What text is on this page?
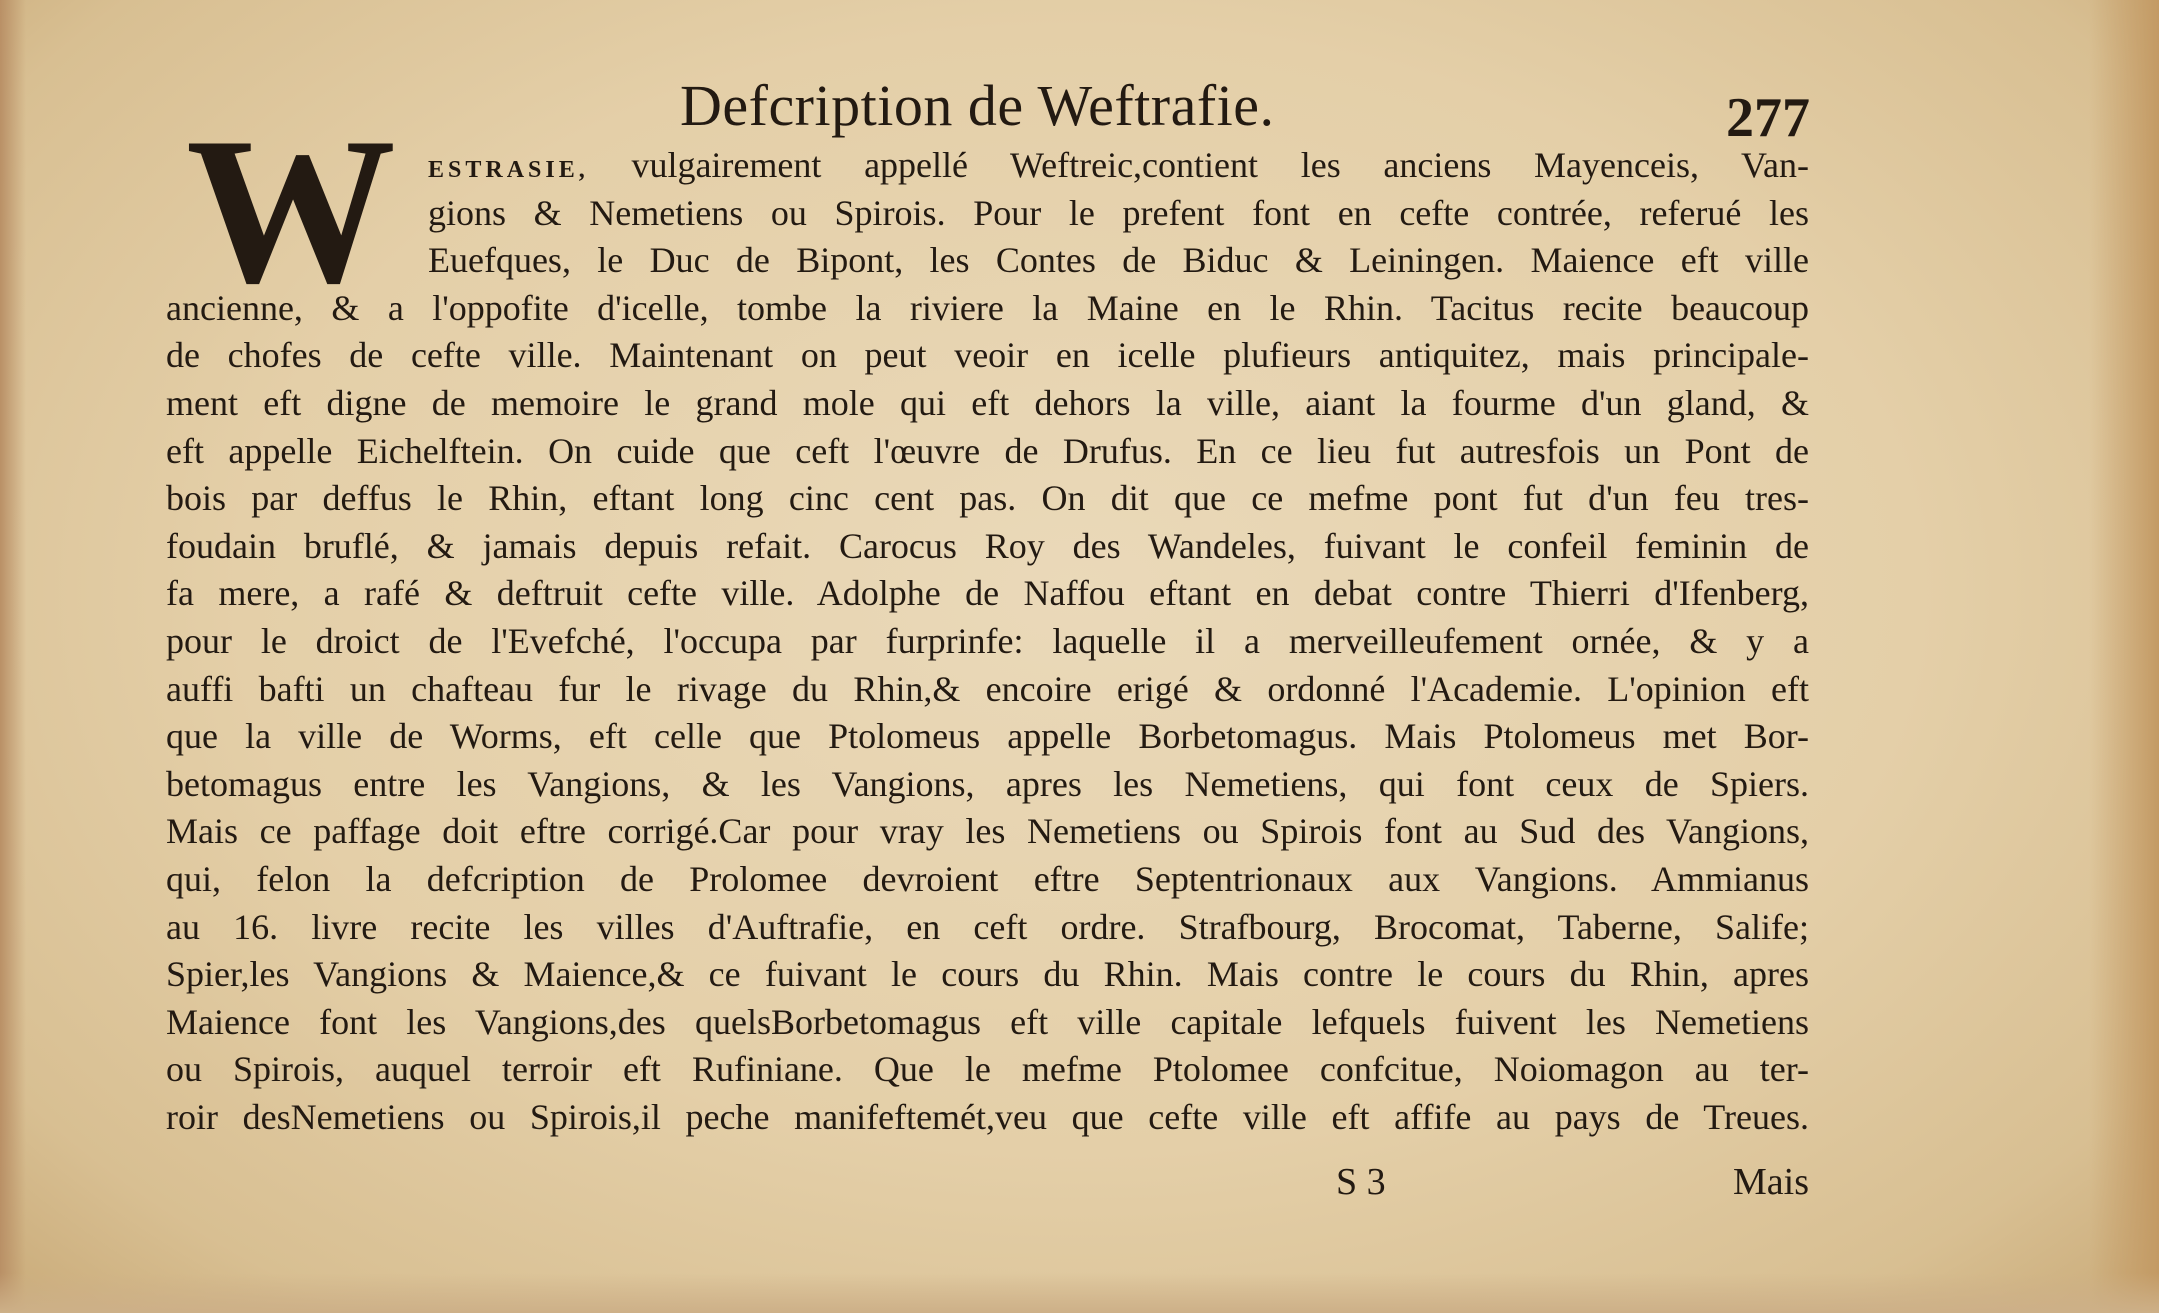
Defcription de Weftrafie.	277
W	ESTRASIE, vulgairement appellé Weftreic,contient les anciens Mayenceis, Van-
gions & Nemetiens ou Spirois. Pour le prefent font en cefte contrée, referué les
Euefques, le Duc de Bipont, les Contes de Biduc & Leiningen. Maience eft ville
ancienne, & a l'oppofite d'icelle, tombe la riviere la Maine en le Rhin. Tacitus recite beaucoup
de chofes de cefte ville. Maintenant on peut veoir en icelle plufieurs antiquitez, mais principale-
ment eft digne de memoire le grand mole qui eft dehors la ville, aiant la fourme d'un gland, &
eft appelle Eichelftein. On cuide que ceft l'œuvre de Drufus. En ce lieu fut autresfois un Pont de
bois par deffus le Rhin, eftant long cinc cent pas. On dit que ce mefme pont fut d'un feu tres-
foudain bruflé, & jamais depuis refait. Carocus Roy des Wandeles, fuivant le confeil feminin de
fa mere, a rafé & deftruit cefte ville. Adolphe de Naffou eftant en debat contre Thierri d'Ifenberg,
pour le droict de l'Evefché, l'occupa par furprinfe: laquelle il a merveilleufement ornée, & y a
auffi bafti un chafteau fur le rivage du Rhin,& encoire erigé & ordonné l'Academie. L'opinion eft
que la ville de Worms, eft celle que Ptolomeus appelle Borbetomagus. Mais Ptolomeus met Bor-
betomagus entre les Vangions, & les Vangions, apres les Nemetiens, qui font ceux de Spiers.
Mais ce paffage doit eftre corrigé.Car pour vray les Nemetiens ou Spirois font au Sud des Vangions,
qui, felon la defcription de Prolomee devroient eftre Septentrionaux aux Vangions. Ammianus
au 16. livre recite les villes d'Auftrafie, en ceft ordre. Strafbourg, Brocomat, Taberne, Salife;
Spier,les Vangions & Maience,& ce fuivant le cours du Rhin. Mais contre le cours du Rhin, apres
Maience font les Vangions,des quelsBorbetomagus eft ville capitale lefquels fuivent les Nemetiens
ou Spirois, auquel terroir eft Rufiniane. Que le mefme Ptolomee confcitue, Noiomagon au ter-
roir desNemetiens ou Spirois,il peche manifeftemét,veu que cefte ville eft affife au pays de Treues.
S 3	Mais
